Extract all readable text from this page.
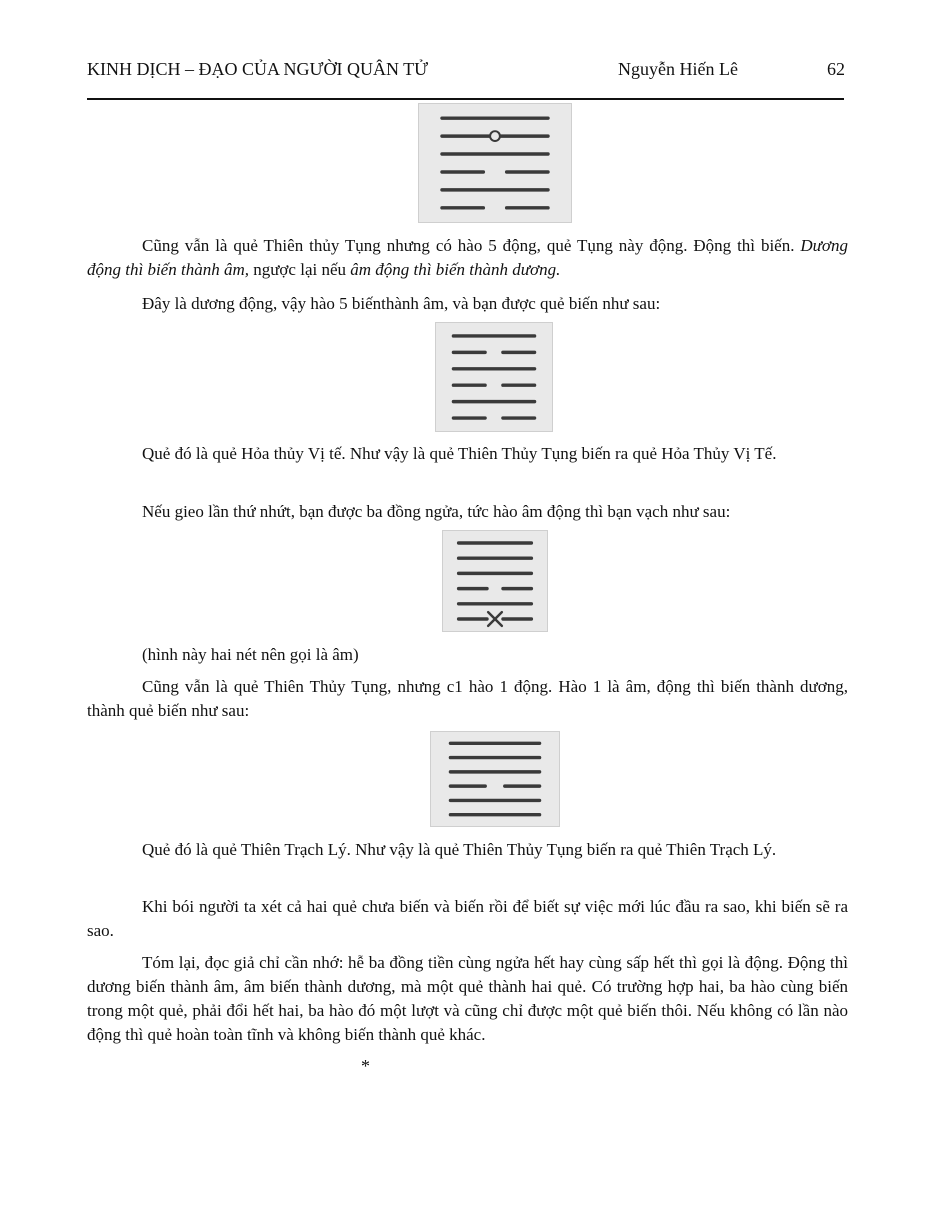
KINH DỊCH – ĐẠO CỦA NGƯỜI QUÂN TỬ	Nguyễn Hiến Lê	62

Cũng vẫn là quẻ Thiên thủy Tụng nhưng có hào 5 động, quẻ Tụng này động. Động thì biến. Dương động thì biến thành âm, ngược lại nếu âm động thì biến thành dương.

Đây là dương động, vậy hào 5 biếnthành âm, và bạn được quẻ biến như sau:

Quẻ đó là quẻ Hỏa thủy Vị tế. Như vậy là quẻ Thiên Thủy Tụng biến ra quẻ Hỏa Thủy Vị Tế.

Nếu gieo lần thứ nhứt, bạn được ba đồng ngửa, tức hào âm động thì bạn vạch như sau:

(hình này hai nét nên gọi là âm)

Cũng vẫn là quẻ Thiên Thủy Tụng, nhưng c1 hào 1 động. Hào 1 là âm, động thì biến thành dương, thành quẻ biến như sau:

Quẻ đó là quẻ Thiên Trạch Lý. Như vậy là quẻ Thiên Thủy Tụng biến ra quẻ Thiên Trạch Lý.

Khi bói người ta xét cả hai quẻ chưa biến và biến rồi để biết sự việc mới lúc đầu ra sao, khi biến sẽ ra sao.

Tóm lại, đọc giả chỉ cần nhớ: hễ ba đồng tiền cùng ngửa hết hay cùng sấp hết thì gọi là động. Động thì dương biến thành âm, âm biến thành dương, mà một quẻ thành hai quẻ. Có trường hợp hai, ba hào cùng biến trong một quẻ, phải đổi hết hai, ba hào đó một lượt và cũng chỉ được một quẻ biến thôi. Nếu không có lần nào động thì quẻ hoàn toàn tĩnh và không biến thành quẻ khác.

*
